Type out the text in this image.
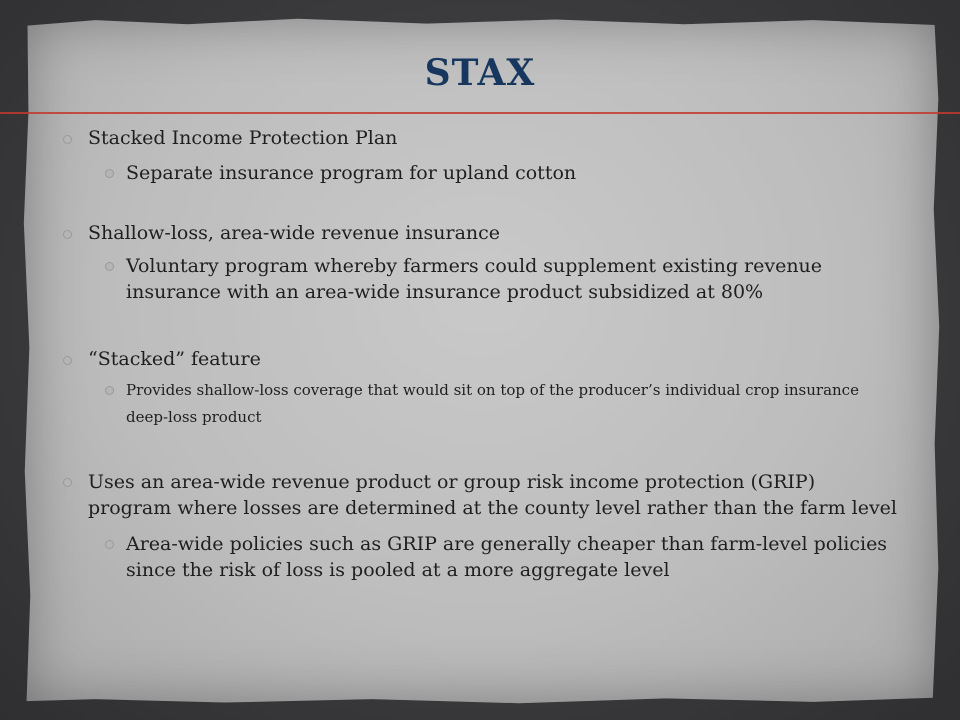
STAX
Stacked Income Protection Plan
Separate insurance program for upland cotton
Shallow-loss, area-wide revenue insurance
Voluntary program whereby farmers could supplement existing revenue insurance with an area-wide insurance product subsidized at 80%
“Stacked” feature
Provides shallow-loss coverage that would sit on top of the producer’s individual crop insurance deep-loss product
Uses an area-wide revenue product or group risk income protection (GRIP) program where losses are determined at the county level rather than the farm level
Area-wide policies such as GRIP are generally cheaper than farm-level policies since the risk of loss is pooled at a more aggregate level
